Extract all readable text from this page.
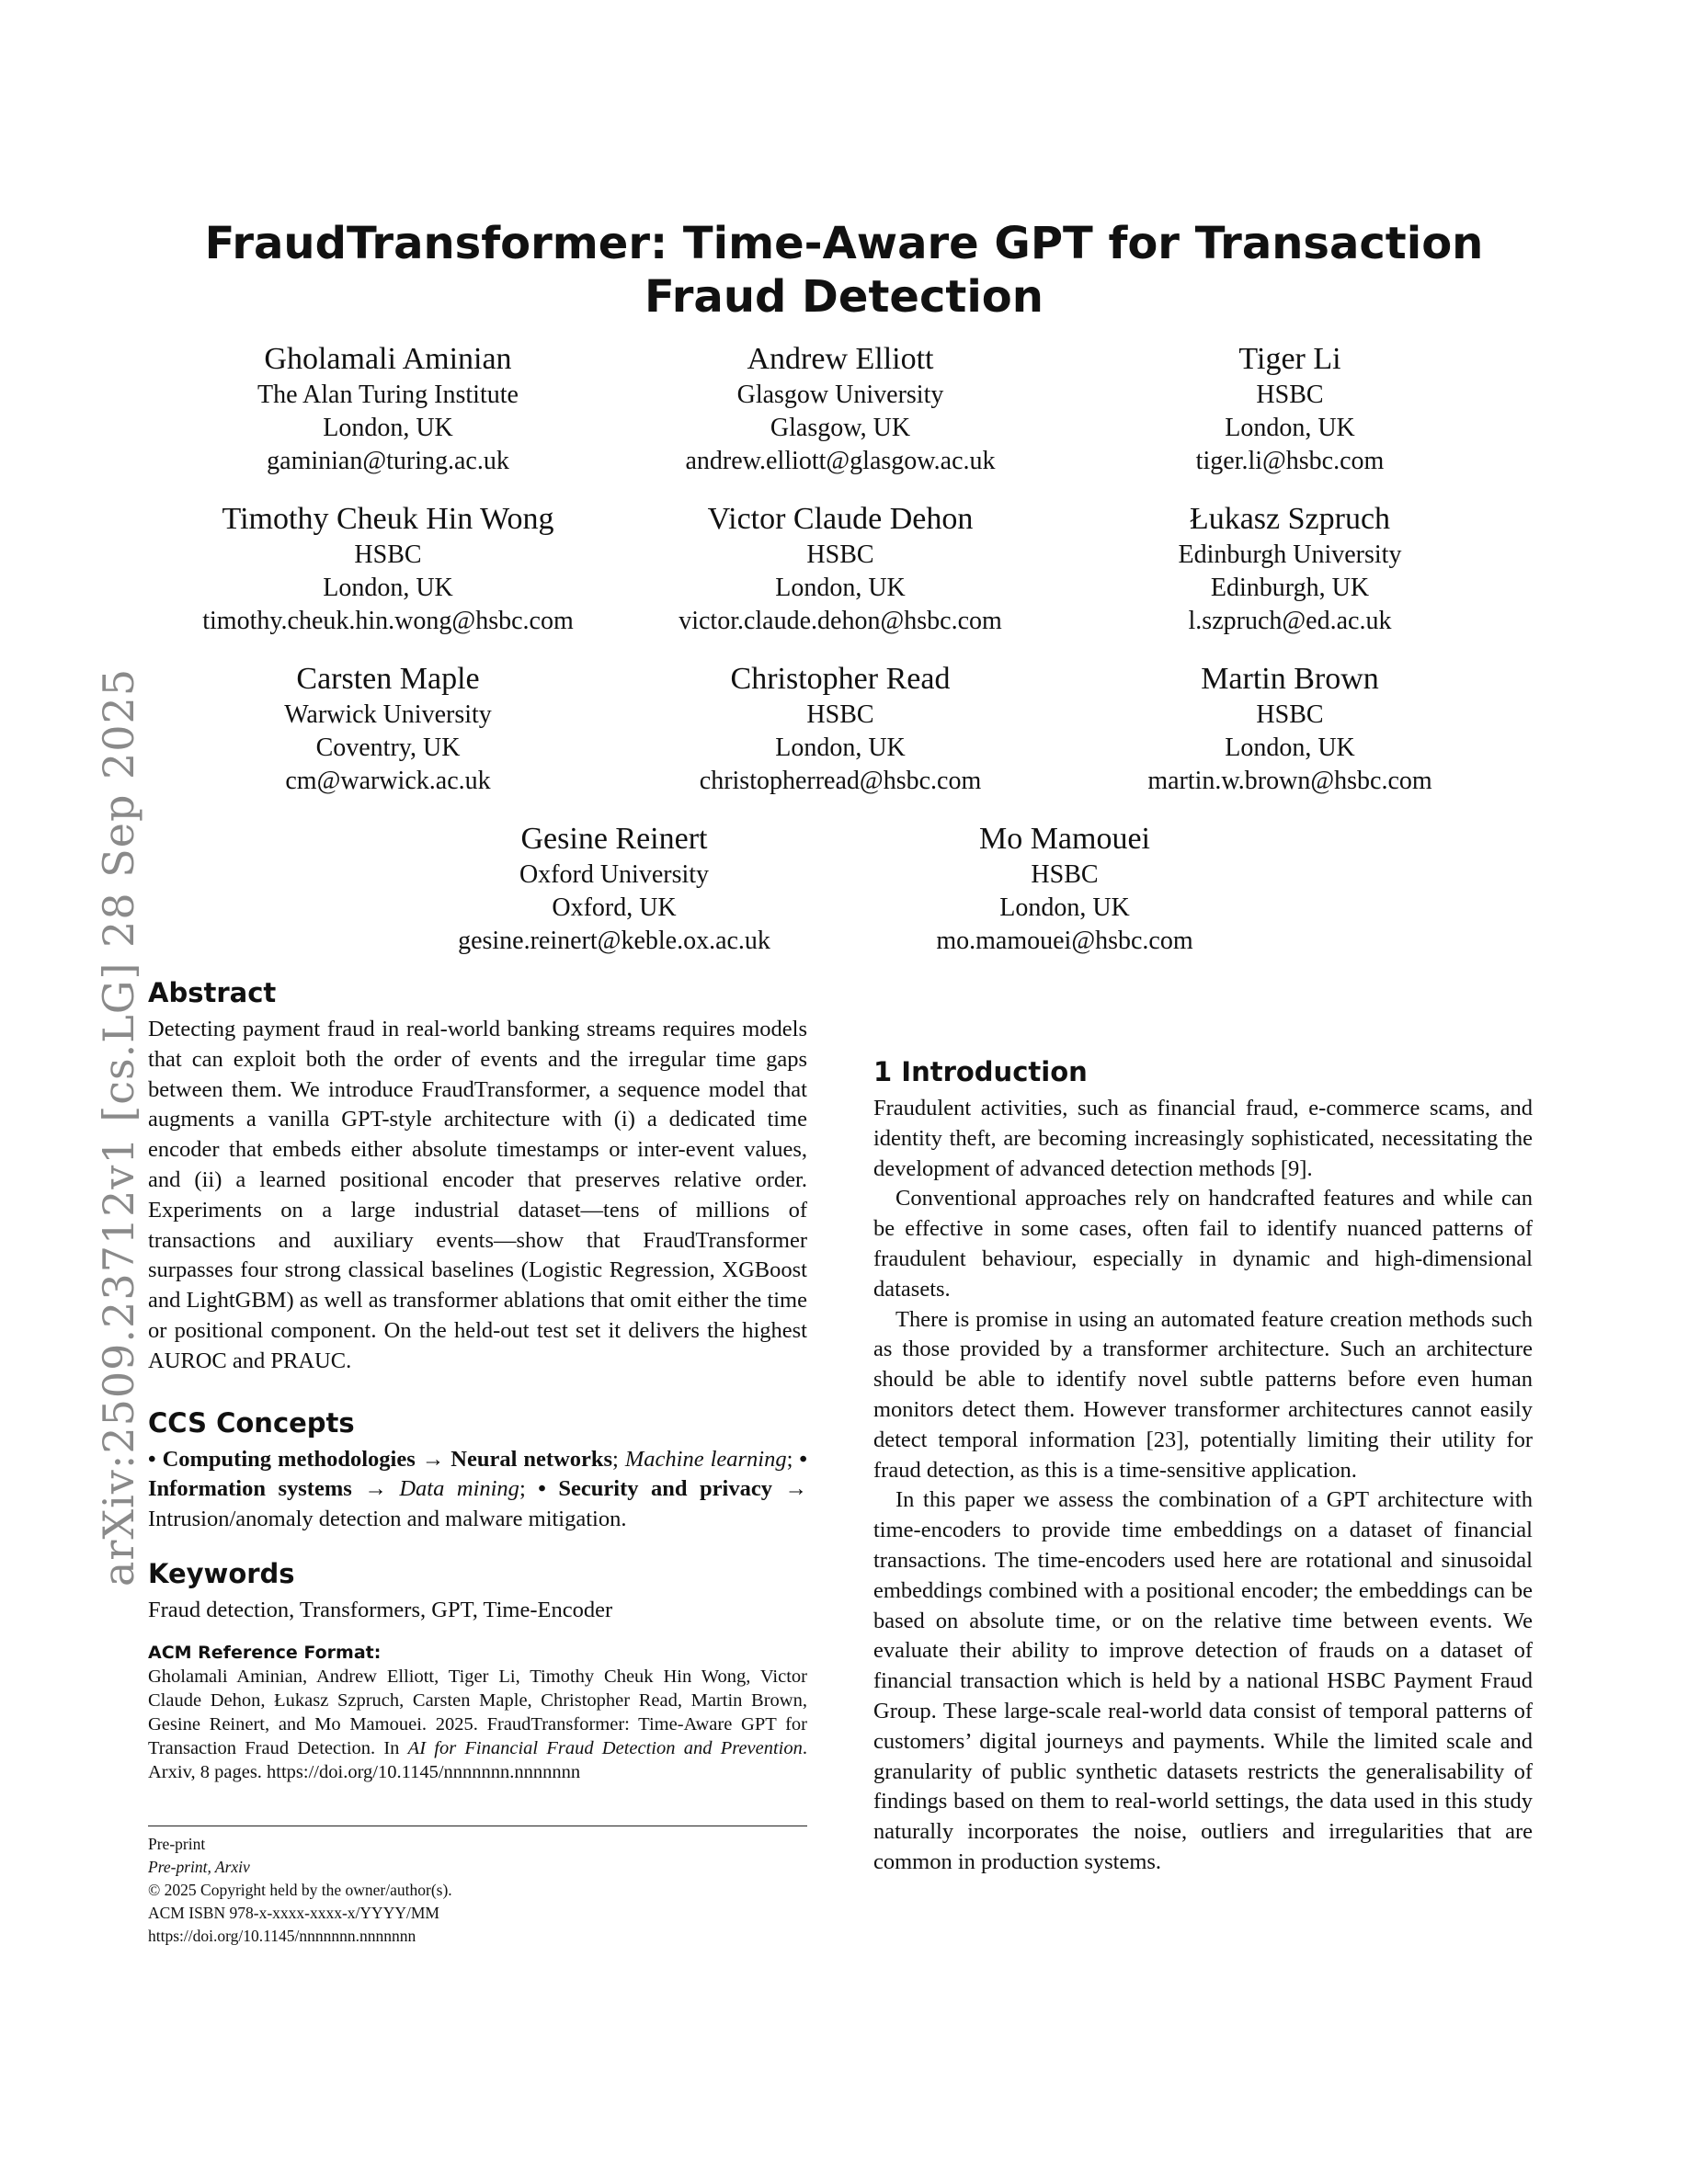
arXiv:2509.23712v1 [cs.LG] 28 Sep 2025
FraudTransformer: Time-Aware GPT for Transaction Fraud Detection
Gholamali Aminian
The Alan Turing Institute
London, UK
gaminian@turing.ac.uk
Andrew Elliott
Glasgow University
Glasgow, UK
andrew.elliott@glasgow.ac.uk
Tiger Li
HSBC
London, UK
tiger.li@hsbc.com
Timothy Cheuk Hin Wong
HSBC
London, UK
timothy.cheuk.hin.wong@hsbc.com
Victor Claude Dehon
HSBC
London, UK
victor.claude.dehon@hsbc.com
Łukasz Szpruch
Edinburgh University
Edinburgh, UK
l.szpruch@ed.ac.uk
Carsten Maple
Warwick University
Coventry, UK
cm@warwick.ac.uk
Christopher Read
HSBC
London, UK
christopherread@hsbc.com
Martin Brown
HSBC
London, UK
martin.w.brown@hsbc.com
Gesine Reinert
Oxford University
Oxford, UK
gesine.reinert@keble.ox.ac.uk
Mo Mamouei
HSBC
London, UK
mo.mamouei@hsbc.com
Abstract

Detecting payment fraud in real-world banking streams requires models that can exploit both the order of events and the irregular time gaps between them. We introduce FraudTransformer, a sequence model that augments a vanilla GPT-style architecture with (i) a dedicated time encoder that embeds either absolute timestamps or inter-event values, and (ii) a learned positional encoder that preserves relative order. Experiments on a large industrial dataset—tens of millions of transactions and auxiliary events—show that FraudTransformer surpasses four strong classical baselines (Logistic Regression, XGBoost and LightGBM) as well as transformer ablations that omit either the time or positional component. On the held-out test set it delivers the highest AUROC and PRAUC.

CCS Concepts

• Computing methodologies → Neural networks; Machine learning; • Information systems → Data mining; • Security and privacy → Intrusion/anomaly detection and malware mitigation.

Keywords

Fraud detection, Transformers, GPT, Time-Encoder

ACM Reference Format:

Gholamali Aminian, Andrew Elliott, Tiger Li, Timothy Cheuk Hin Wong, Victor Claude Dehon, Łukasz Szpruch, Carsten Maple, Christopher Read, Martin Brown, Gesine Reinert, and Mo Mamouei. 2025. FraudTransformer: Time-Aware GPT for Transaction Fraud Detection. In AI for Financial Fraud Detection and Prevention. Arxiv, 8 pages. https://doi.org/10.1145/nnnnnnn.nnnnnnn

Pre-print
Pre-print, Arxiv
© 2025 Copyright held by the owner/author(s).
ACM ISBN 978-x-xxxx-xxxx-x/YYYY/MM
https://doi.org/10.1145/nnnnnnn.nnnnnnn
1 Introduction

Fraudulent activities, such as financial fraud, e-commerce scams, and identity theft, are becoming increasingly sophisticated, necessitating the development of advanced detection methods [9].

Conventional approaches rely on handcrafted features and while can be effective in some cases, often fail to identify nuanced patterns of fraudulent behaviour, especially in dynamic and high-dimensional datasets.

There is promise in using an automated feature creation methods such as those provided by a transformer architecture. Such an architecture should be able to identify novel subtle patterns before even human monitors detect them. However transformer architectures cannot easily detect temporal information [23], potentially limiting their utility for fraud detection, as this is a time-sensitive application.

In this paper we assess the combination of a GPT architecture with time-encoders to provide time embeddings on a dataset of financial transactions. The time-encoders used here are rotational and sinusoidal embeddings combined with a positional encoder; the embeddings can be based on absolute time, or on the relative time between events. We evaluate their ability to improve detection of frauds on a dataset of financial transaction which is held by a national HSBC Payment Fraud Group. These large-scale real-world data consist of temporal patterns of customers’ digital journeys and payments. While the limited scale and granularity of public synthetic datasets restricts the generalisability of findings based on them to real-world settings, the data used in this study naturally incorporates the noise, outliers and irregularities that are common in production systems.
